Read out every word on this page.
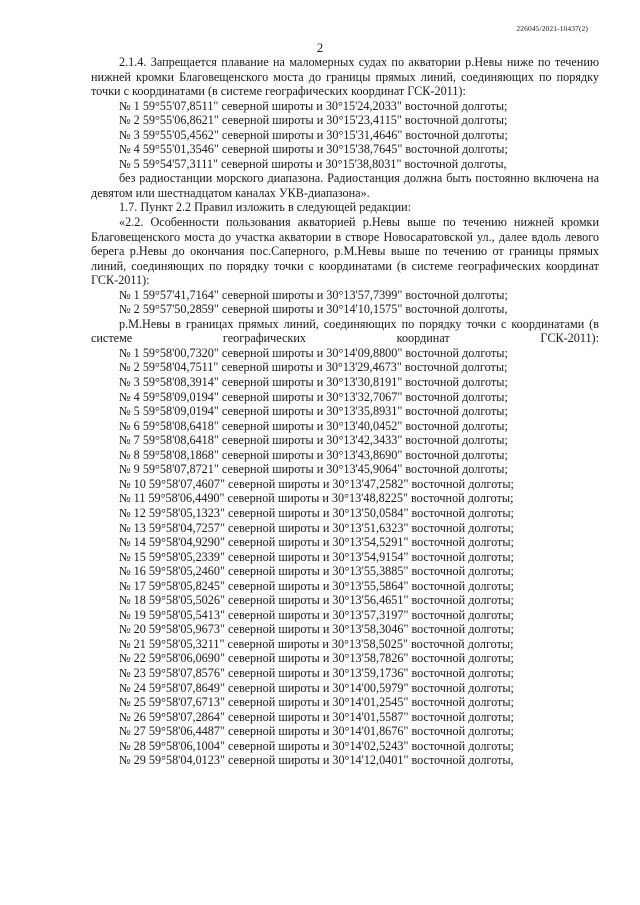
226045/2021-10437(2)
2

2.1.4. Запрещается плавание на маломерных судах по акватории р.Невы ниже по течению нижней кромки Благовещенского моста до границы прямых линий, соединяющих по порядку точки с координатами (в системе географических координат ГСК-2011):

№ 1 59°55'07,8511" северной широты и 30°15'24,2033" восточной долготы;

№ 2 59°55'06,8621" северной широты и 30°15'23,4115" восточной долготы;

№ 3 59°55'05,4562" северной широты и 30°15'31,4646" восточной долготы;

№ 4 59°55'01,3546" северной широты и 30°15'38,7645" восточной долготы;

№ 5 59°54'57,3111" северной широты и 30°15'38,8031" восточной долготы,

без радиостанции морского диапазона. Радиостанция должна быть постоянно включена на девятом или шестнадцатом каналах УКВ-диапазона».

1.7. Пункт 2.2 Правил изложить в следующей редакции:

«2.2. Особенности пользования акваторией р.Невы выше по течению нижней кромки Благовещенского моста до участка акватории в створе Новосаратовской ул., далее вдоль левого берега р.Невы до окончания пос.Саперного, р.М.Невы выше по течению от границы прямых линий, соединяющих по порядку точки с координатами (в системе географических координат ГСК-2011):

№ 1 59°57'41,7164" северной широты и 30°13'57,7399" восточной долготы;

№ 2 59°57'50,2859" северной широты и 30°14'10,1575" восточной долготы,

р.М.Невы в границах прямых линий, соединяющих по порядку точки с координатами (в системе географических координат ГСК-2011):

№ 1 59°58'00,7320" северной широты и 30°14'09,8800" восточной долготы;

№ 2 59°58'04,7511" северной широты и 30°13'29,4673" восточной долготы;

№ 3 59°58'08,3914" северной широты и 30°13'30,8191" восточной долготы;

№ 4 59°58'09,0194" северной широты и 30°13'32,7067" восточной долготы;

№ 5 59°58'09,0194" северной широты и 30°13'35,8931" восточной долготы;

№ 6 59°58'08,6418" северной широты и 30°13'40,0452" восточной долготы;

№ 7 59°58'08,6418" северной широты и 30°13'42,3433" восточной долготы;

№ 8 59°58'08,1868" северной широты и 30°13'43,8690" восточной долготы;

№ 9 59°58'07,8721" северной широты и 30°13'45,9064" восточной долготы;

№ 10 59°58'07,4607" северной широты и 30°13'47,2582" восточной долготы;

№ 11 59°58'06,4490" северной широты и 30°13'48,8225" восточной долготы;

№ 12 59°58'05,1323" северной широты и 30°13'50,0584" восточной долготы;

№ 13 59°58'04,7257" северной широты и 30°13'51,6323" восточной долготы;

№ 14 59°58'04,9290" северной широты и 30°13'54,5291" восточной долготы;

№ 15 59°58'05,2339" северной широты и 30°13'54,9154" восточной долготы;

№ 16 59°58'05,2460" северной широты и 30°13'55,3885" восточной долготы;

№ 17 59°58'05,8245" северной широты и 30°13'55,5864" восточной долготы;

№ 18 59°58'05,5026" северной широты и 30°13'56,4651" восточной долготы;

№ 19 59°58'05,5413" северной широты и 30°13'57,3197" восточной долготы;

№ 20 59°58'05,9673" северной широты и 30°13'58,3046" восточной долготы;

№ 21 59°58'05,3211" северной широты и 30°13'58,5025" восточной долготы;

№ 22 59°58'06,0690" северной широты и 30°13'58,7826" восточной долготы;

№ 23 59°58'07,8576" северной широты и 30°13'59,1736" восточной долготы;

№ 24 59°58'07,8649" северной широты и 30°14'00,5979" восточной долготы;

№ 25 59°58'07,6713" северной широты и 30°14'01,2545" восточной долготы;

№ 26 59°58'07,2864" северной широты и 30°14'01,5587" восточной долготы;

№ 27 59°58'06,4487" северной широты и 30°14'01,8676" восточной долготы;

№ 28 59°58'06,1004" северной широты и 30°14'02,5243" восточной долготы;

№ 29 59°58'04,0123" северной широты и 30°14'12,0401" восточной долготы,
